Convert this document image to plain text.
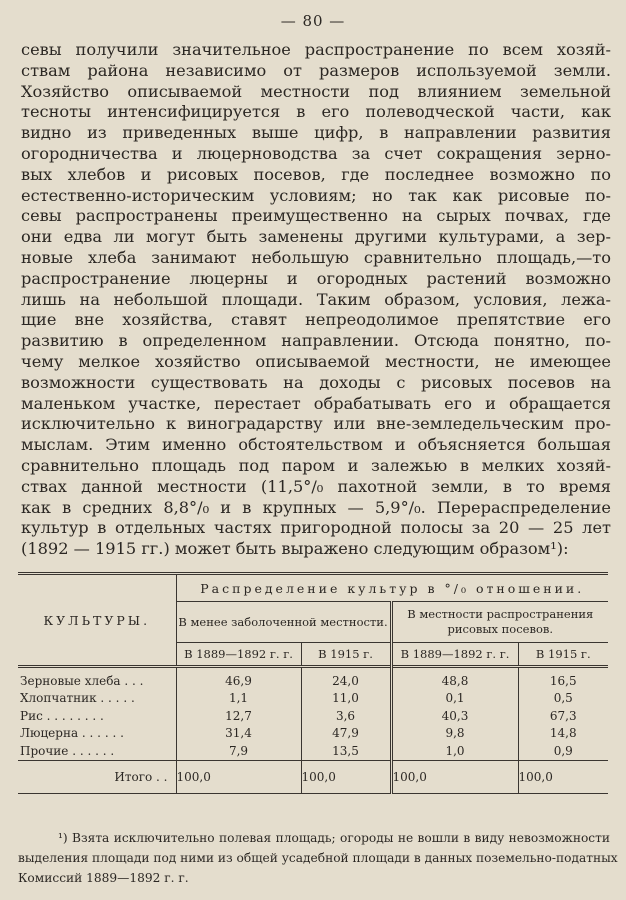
— 80 —
севы получили значительное распространение по всем хозяй-
ствам района независимо от размеров используемой земли.
Хозяйство описываемой местности под влиянием земельной
тесноты интенсифицируется в его полеводческой части, как
видно из приведенных выше цифр, в направлении развития
огородничества и люцерноводства за счет сокращения зерно-
вых хлебов и рисовых посевов, где последнее возможно по
естественно-историческим условиям; но так как рисовые по-
севы распространены преимущественно на сырых почвах, где
они едва ли могут быть заменены другими культурами, а зер-
новые хлеба занимают небольшую сравнительно площадь,—то
распространение люцерны и огородных растений возможно
лишь на небольшой площади. Таким образом, условия, лежа-
щие вне хозяйства, ставят непреодолимое препятствие его
развитию в определенном направлении. Отсюда понятно, по-
чему мелкое хозяйство описываемой местности, не имеющее
возможности существовать на доходы с рисовых посевов на
маленьком участке, перестает обрабатывать его и обращается
исключительно к виноградарству или вне-земледельческим про-
мыслам. Этим именно обстоятельством и объясняется большая
сравнительно площадь под паром и залежью в мелких хозяй-
ствах данной местности (11,5°/₀ пахотной земли, в то время
как в средних 8,8°/₀ и в крупных — 5,9°/₀. Перераспределение
культур в отдельных частях пригородной полосы за 20 — 25 лет
(1892 — 1915 гг.) может быть выражено следующим образом¹):

КУЛЬТУРЫ.	Распределение культур в °/₀ отношении.			
	В менее заболоченной местности.		В местности распространения рисовых посевов.	
	В 1889—1892 г. г.	В 1915 г.	В 1889—1892 г. г.	В 1915 г.

Зерновые хлеба . . .	46,9	24,0	48,8	16,5
Хлопчатник . . . . .	1,1	11,0	0,1	0,5
Рис . . . . . . . .	12,7	3,6	40,3	67,3
Люцерна . . . . . .	31,4	47,9	9,8	14,8
Прочие . . . . . .	7,9	13,5	1,0	0,9
Итого . .	100,0	100,0	100,0	100,0

¹) Взята исключительно полевая площадь; огороды не вошли в виду невозможности
выделения площади под ними из общей усадебной площади в данных поземельно-податных
Комиссий 1889—1892 г. г.
